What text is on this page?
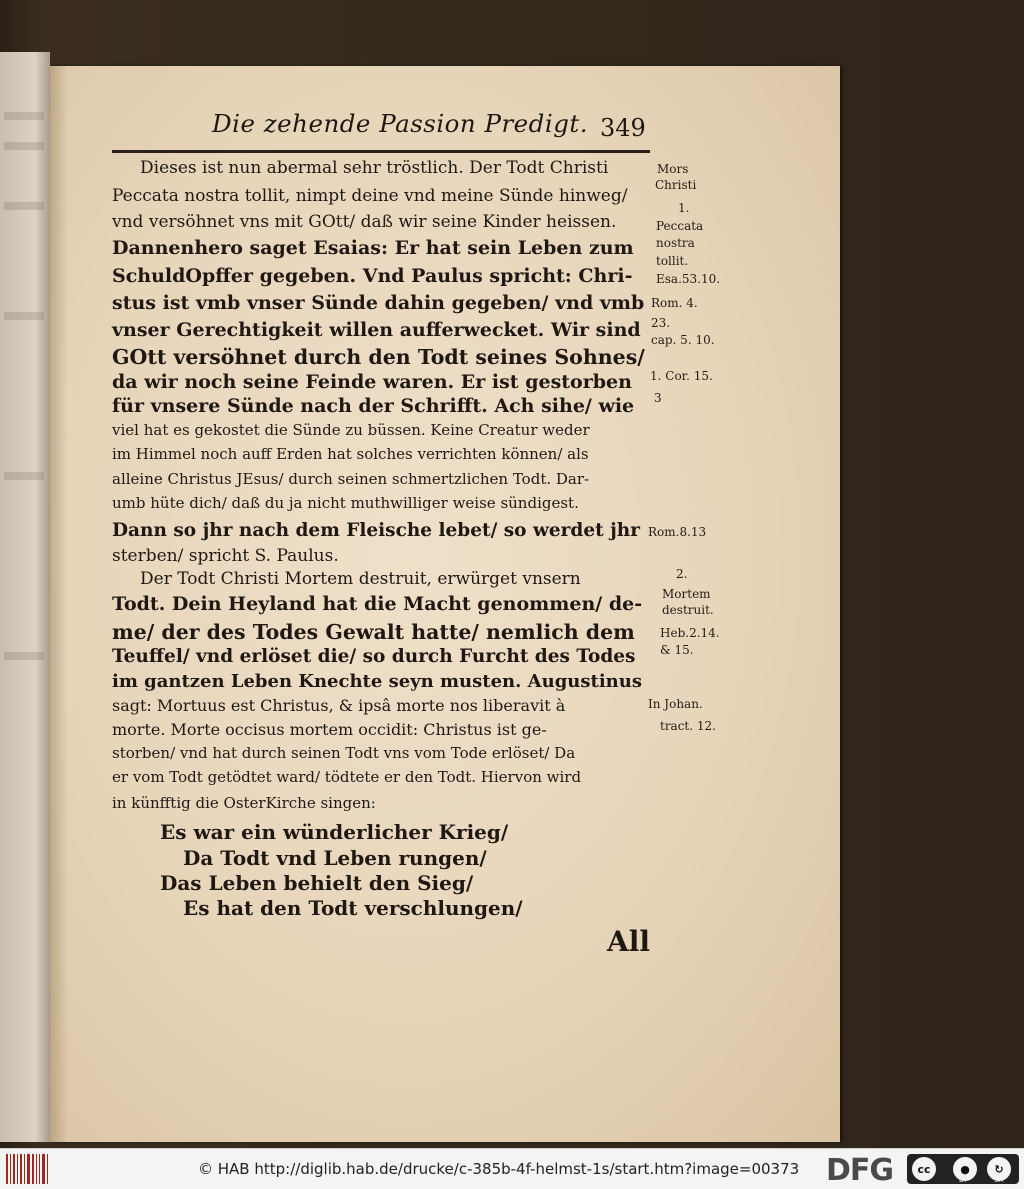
Die zehende Passion Predigt. 349
Dieses ist nun abermal sehr tröstlich. Der Todt Christi
Peccata nostra tollit, nimpt deine vnd meine Sünde hinweg/
vnd versöhnet vns mit GOtt/ daß wir seine Kinder heissen.
Dannenhero saget Esaias: Er hat sein Leben zum
SchuldOpffer gegeben. Vnd Paulus spricht: Chri-
stus ist vmb vnser Sünde dahin gegeben/ vnd vmb
vnser Gerechtigkeit willen aufferwecket. Wir sind
GOtt versöhnet durch den Todt seines Sohnes/
da wir noch seine Feinde waren. Er ist gestorben
für vnsere Sünde nach der Schrifft. Ach sihe/ wie
viel hat es gekostet die Sünde zu büssen. Keine Creatur weder
im Himmel noch auff Erden hat solches verrichten können/ als
alleine Christus JEsus/ durch seinen schmertzlichen Todt. Dar-
umb hüte dich/ daß du ja nicht muthwilliger weise sündigest.
Dann so jhr nach dem Fleische lebet/ so werdet jhr
sterben/ spricht S. Paulus.
Der Todt Christi Mortem destruit, erwürget vnsern
Todt. Dein Heyland hat die Macht genommen/ de-
me/ der des Todes Gewalt hatte/ nemlich dem
Teuffel/ vnd erlöset die/ so durch Furcht des Todes
im gantzen Leben Knechte seyn musten. Augustinus
sagt: Mortuus est Christus, & ipsâ morte nos liberavit à
morte. Morte occisus mortem occidit: Christus ist ge-
storben/ vnd hat durch seinen Todt vns vom Tode erlöset/ Da
er vom Todt getödtet ward/ tödtete er den Todt. Hiervon wird
in künfftig die OsterKirche singen:
Es war ein wünderlicher Krieg/
Da Todt vnd Leben rungen/
Das Leben behielt den Sieg/
Es hat den Todt verschlungen/
All
Mors
Christi
1.
Peccata
nostra
tollit.
Esa.53.10.
Rom. 4.
23.
cap. 5. 10.
1. Cor. 15.
3
Rom.8.13
2.
Mortem
destruit.
Heb.2.14.
& 15.
In Johan.
tract. 12.
© HAB http://diglib.hab.de/drucke/c-385b-4f-helmst-1s/start.htm?image=00373 DFG	cc	●	↻
BY	SA
